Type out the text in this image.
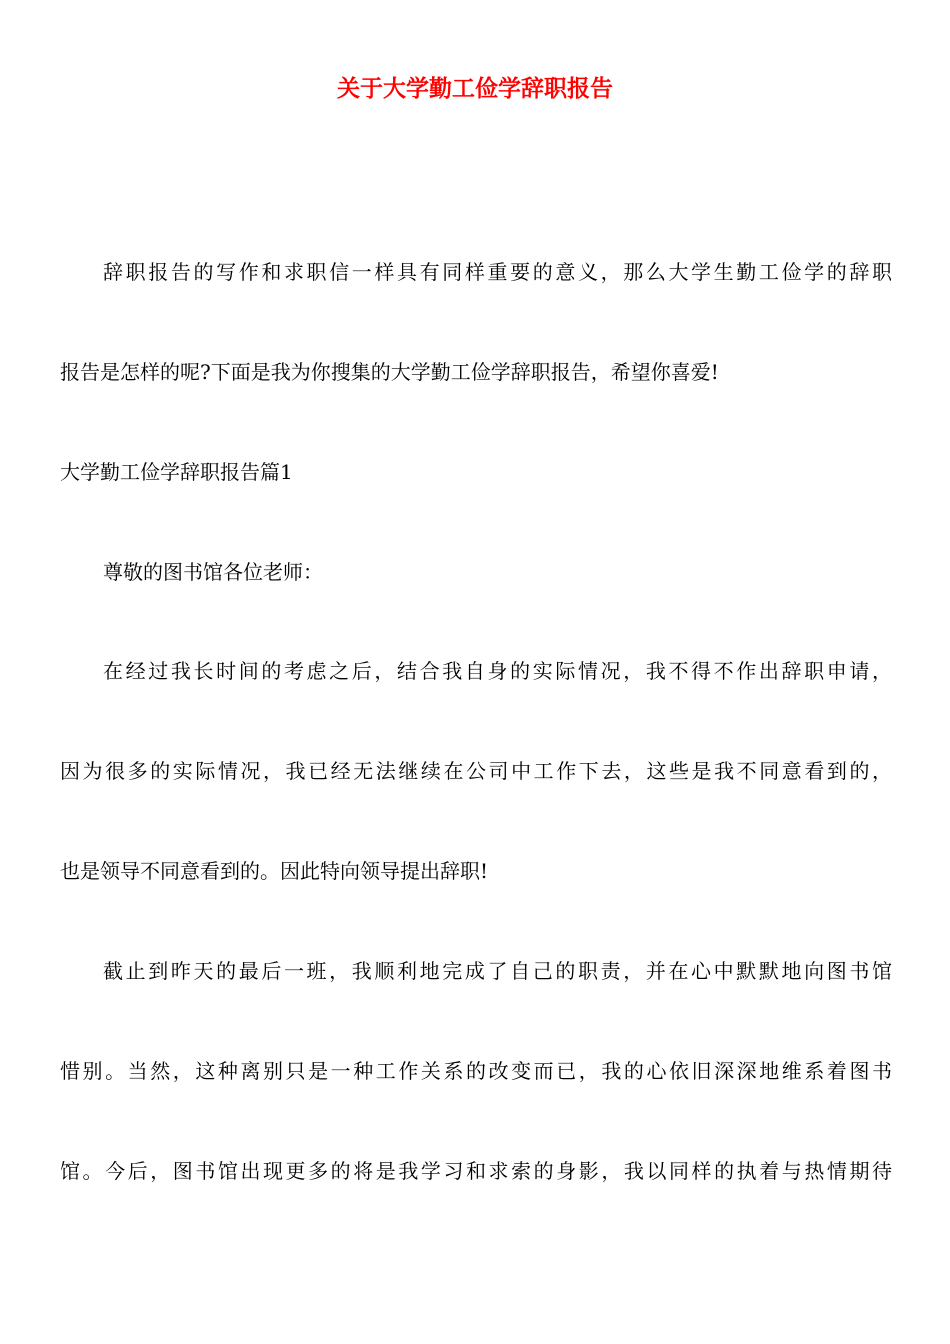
关于大学勤工俭学辞职报告
辞职报告的写作和求职信一样具有同样重要的意义，那么大学生勤工俭学的辞职
报告是怎样的呢?下面是我为你搜集的大学勤工俭学辞职报告，希望你喜爱!
大学勤工俭学辞职报告篇1
尊敬的图书馆各位老师：
在经过我长时间的考虑之后，结合我自身的实际情况，我不得不作出辞职申请，
因为很多的实际情况，我已经无法继续在公司中工作下去，这些是我不同意看到的，
也是领导不同意看到的。因此特向领导提出辞职!
截止到昨天的最后一班，我顺利地完成了自己的职责，并在心中默默地向图书馆
惜别。当然，这种离别只是一种工作关系的改变而已，我的心依旧深深地维系着图书
馆。今后，图书馆出现更多的将是我学习和求索的身影，我以同样的执着与热情期待
